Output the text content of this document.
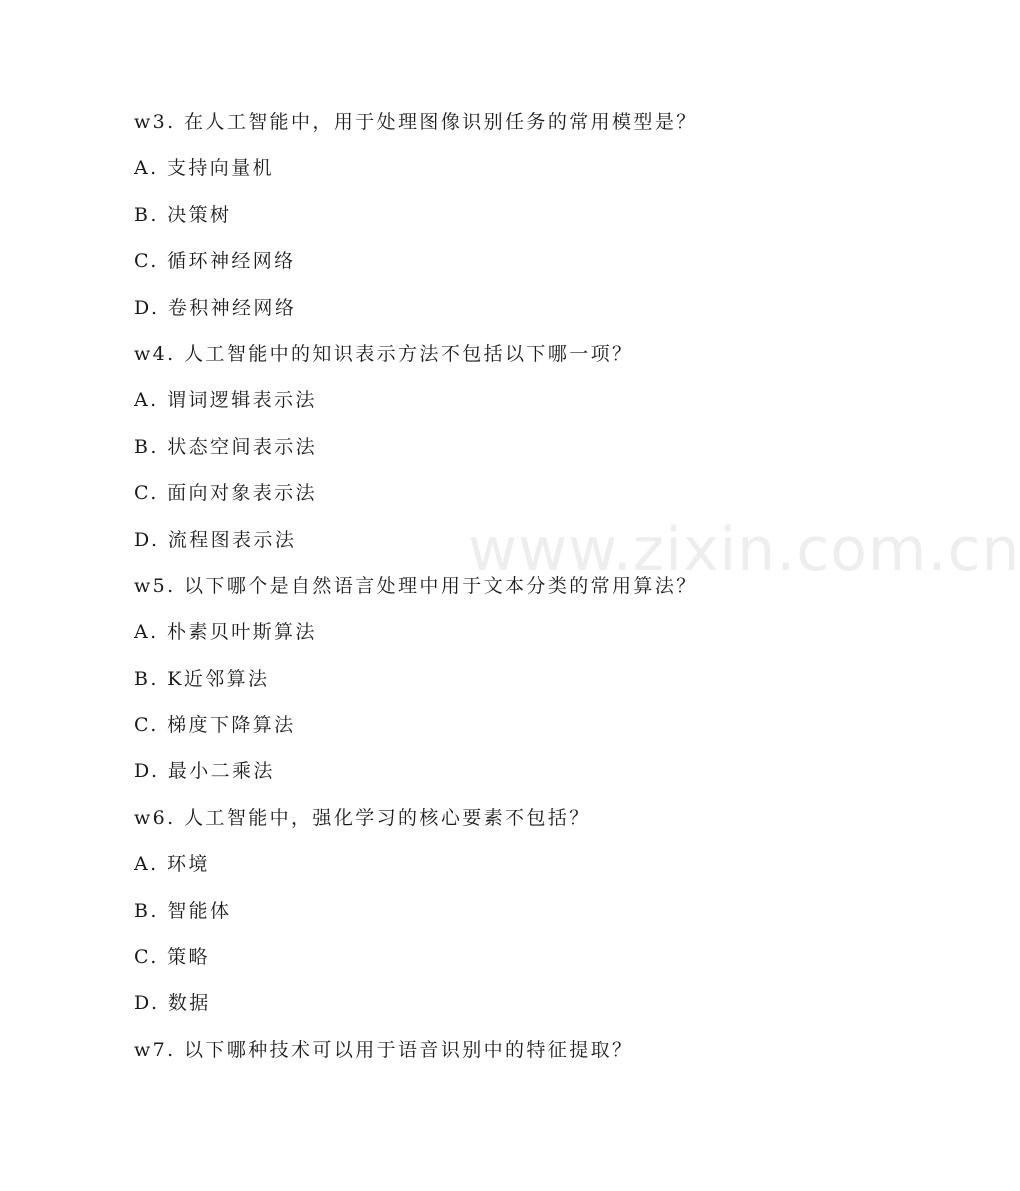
w3. 在人工智能中，用于处理图像识别任务的常用模型是？
A. 支持向量机
B. 决策树
C. 循环神经网络
D. 卷积神经网络
w4. 人工智能中的知识表示方法不包括以下哪一项？
A. 谓词逻辑表示法
B. 状态空间表示法
C. 面向对象表示法
D. 流程图表示法
w5. 以下哪个是自然语言处理中用于文本分类的常用算法？
A. 朴素贝叶斯算法
B. K近邻算法
C. 梯度下降算法
D. 最小二乘法
w6. 人工智能中，强化学习的核心要素不包括？
A. 环境
B. 智能体
C. 策略
D. 数据
w7. 以下哪种技术可以用于语音识别中的特征提取？
www.zixin.com.cn
